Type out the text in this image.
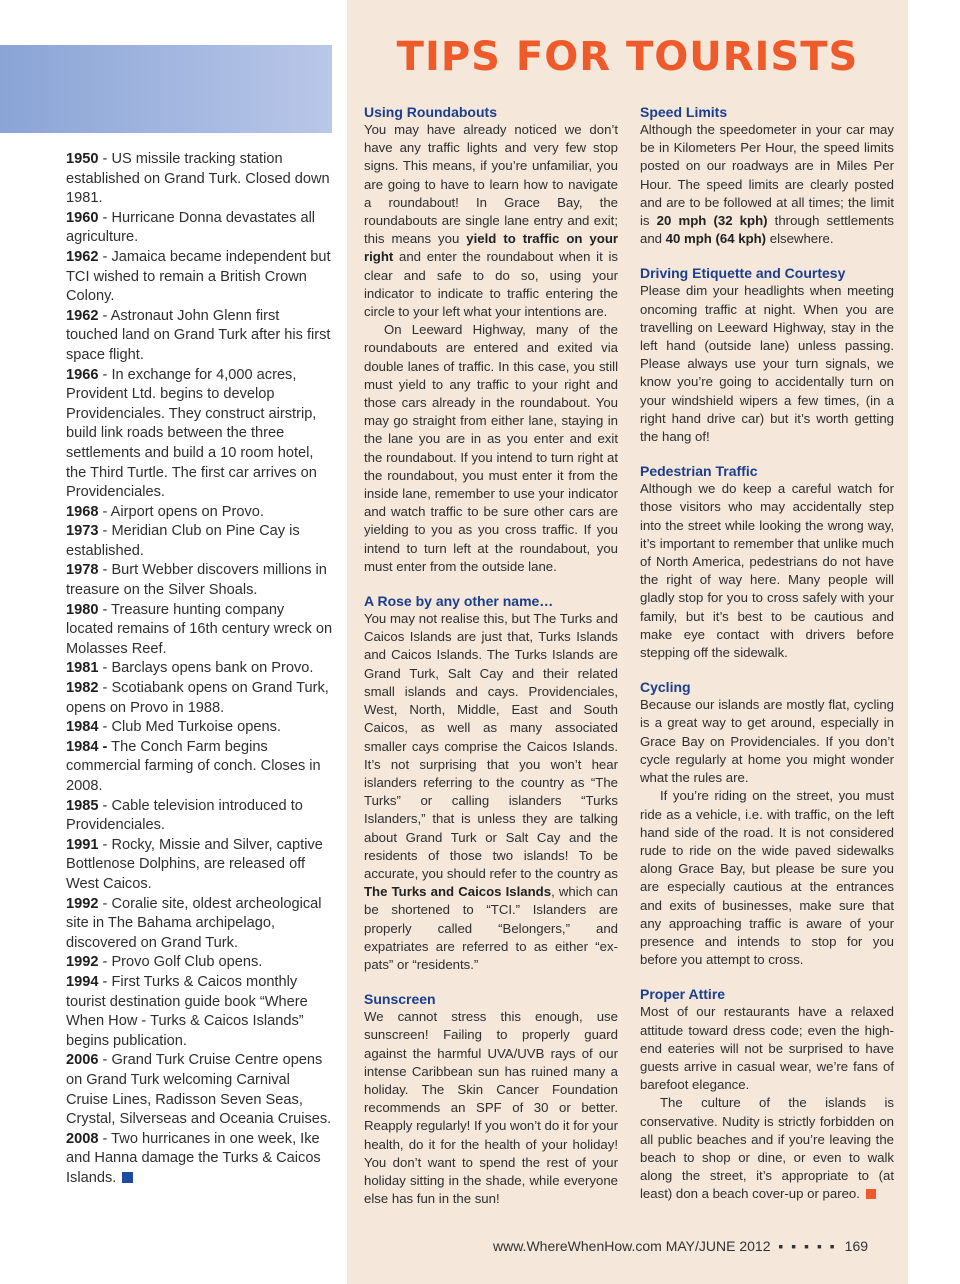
1950 - US missile tracking station established on Grand Turk. Closed down 1981.

1960 - Hurricane Donna devastates all agriculture.

1962 - Jamaica became independent but TCI wished to remain a British Crown Colony.

1962 - Astronaut John Glenn first touched land on Grand Turk after his first space flight.

1966 - In exchange for 4,000 acres, Provident Ltd. begins to develop Providenciales. They construct airstrip, build link roads between the three settlements and build a 10 room hotel, the Third Turtle. The first car arrives on Providenciales.

1968 - Airport opens on Provo.

1973 - Meridian Club on Pine Cay is established.

1978 - Burt Webber discovers millions in treasure on the Silver Shoals.

1980 - Treasure hunting company located remains of 16th century wreck on Molasses Reef.

1981 - Barclays opens bank on Provo.

1982 - Scotiabank opens on Grand Turk, opens on Provo in 1988.

1984 - Club Med Turkoise opens.

1984 - The Conch Farm begins commercial farming of conch. Closes in 2008.

1985 - Cable television introduced to Providenciales.

1991 - Rocky, Missie and Silver, captive Bottlenose Dolphins, are released off West Caicos.

1992 - Coralie site, oldest archeological site in The Bahama archipelago, discovered on Grand Turk.

1992 - Provo Golf Club opens.

1994 - First Turks & Caicos monthly tourist destination guide book “Where When How - Turks & Caicos Islands” begins publication.

2006 - Grand Turk Cruise Centre opens on Grand Turk welcoming Carnival Cruise Lines, Radisson Seven Seas, Crystal, Silverseas and Oceania Cruises.

2008 - Two hurricanes in one week, Ike and Hanna damage the Turks & Caicos Islands.

TIPS FOR TOURISTS

Using Roundabouts

You may have already noticed we don’t have any traffic lights and very few stop signs. This means, if you’re unfamiliar, you are going to have to learn how to navigate a roundabout! In Grace Bay, the roundabouts are single lane entry and exit; this means you yield to traffic on your right and enter the roundabout when it is clear and safe to do so, using your indicator to indicate to traffic entering the circle to your left what your intentions are.

On Leeward Highway, many of the roundabouts are entered and exited via double lanes of traffic. In this case, you still must yield to any traffic to your right and those cars already in the roundabout. You may go straight from either lane, staying in the lane you are in as you enter and exit the roundabout. If you intend to turn right at the roundabout, you must enter it from the inside lane, remember to use your indicator and watch traffic to be sure other cars are yielding to you as you cross traffic. If you intend to turn left at the roundabout, you must enter from the outside lane.

A Rose by any other name…

You may not realise this, but The Turks and Caicos Islands are just that, Turks Islands and Caicos Islands. The Turks Islands are Grand Turk, Salt Cay and their related small islands and cays. Providenciales, West, North, Middle, East and South Caicos, as well as many associated smaller cays comprise the Caicos Islands. It’s not surprising that you won’t hear islanders referring to the country as “The Turks” or calling islanders “Turks Islanders,” that is unless they are talking about Grand Turk or Salt Cay and the residents of those two islands! To be accurate, you should refer to the country as The Turks and Caicos Islands, which can be shortened to “TCI.” Islanders are properly called “Belongers,” and expatriates are referred to as either “ex-pats” or “residents.”

Sunscreen

We cannot stress this enough, use sunscreen! Failing to properly guard against the harmful UVA/UVB rays of our intense Caribbean sun has ruined many a holiday. The Skin Cancer Foundation recommends an SPF of 30 or better. Reapply regularly! If you won’t do it for your health, do it for the health of your holiday! You don’t want to spend the rest of your holiday sitting in the shade, while everyone else has fun in the sun!

Speed Limits

Although the speedometer in your car may be in Kilometers Per Hour, the speed limits posted on our roadways are in Miles Per Hour. The speed limits are clearly posted and are to be followed at all times; the limit is 20 mph (32 kph) through settlements and 40 mph (64 kph) elsewhere.

Driving Etiquette and Courtesy

Please dim your headlights when meeting oncoming traffic at night. When you are travelling on Leeward Highway, stay in the left hand (outside lane) unless passing. Please always use your turn signals, we know you’re going to accidentally turn on your windshield wipers a few times, (in a right hand drive car) but it’s worth getting the hang of!

Pedestrian Traffic

Although we do keep a careful watch for those visitors who may accidentally step into the street while looking the wrong way, it’s important to remember that unlike much of North America, pedestrians do not have the right of way here. Many people will gladly stop for you to cross safely with your family, but it’s best to be cautious and make eye contact with drivers before stepping off the sidewalk.

Cycling

Because our islands are mostly flat, cycling is a great way to get around, especially in Grace Bay on Providenciales. If you don’t cycle regularly at home you might wonder what the rules are.

If you’re riding on the street, you must ride as a vehicle, i.e. with traffic, on the left hand side of the road. It is not considered rude to ride on the wide paved sidewalks along Grace Bay, but please be sure you are especially cautious at the entrances and exits of businesses, make sure that any approaching traffic is aware of your presence and intends to stop for you before you attempt to cross.

Proper Attire

Most of our restaurants have a relaxed attitude toward dress code; even the high-end eateries will not be surprised to have guests arrive in casual wear, we’re fans of barefoot elegance.

The culture of the islands is conservative. Nudity is strictly forbidden on all public beaches and if you’re leaving the beach to shop or dine, or even to walk along the street, it’s appropriate to (at least) don a beach cover-up or pareo.

www.WhereWhenHow.com MAY/JUNE 2012 ▪ ▪ ▪ ▪ ▪ 169
